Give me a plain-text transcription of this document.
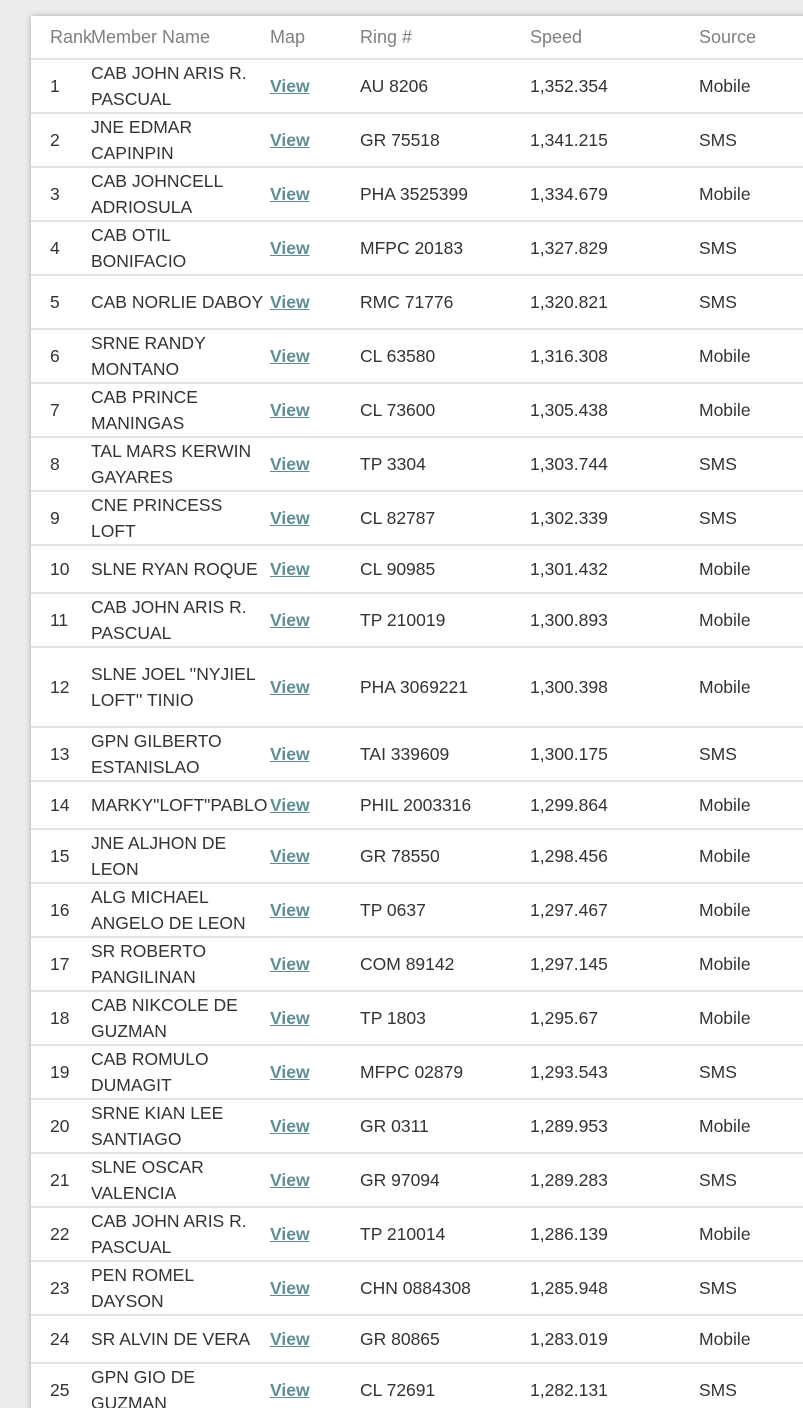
Rank	Member Name	Map	Ring #	Speed	Source
1	CAB JOHN ARIS R. PASCUAL	View	AU 8206	1,352.354	Mobile
2	JNE EDMAR CAPINPIN	View	GR 75518	1,341.215	SMS
3	CAB JOHNCELL ADRIOSULA	View	PHA 3525399	1,334.679	Mobile
4	CAB OTIL BONIFACIO	View	MFPC 20183	1,327.829	SMS
5	CAB NORLIE DABOY	View	RMC 71776	1,320.821	SMS
6	SRNE RANDY MONTANO	View	CL 63580	1,316.308	Mobile
7	CAB PRINCE MANINGAS	View	CL 73600	1,305.438	Mobile
8	TAL MARS KERWIN GAYARES	View	TP 3304	1,303.744	SMS
9	CNE PRINCESS LOFT	View	CL 82787	1,302.339	SMS
10	SLNE RYAN ROQUE	View	CL 90985	1,301.432	Mobile
11	CAB JOHN ARIS R. PASCUAL	View	TP 210019	1,300.893	Mobile
12	SLNE JOEL ''NYJIEL LOFT'' TINIO	View	PHA 3069221	1,300.398	Mobile
13	GPN GILBERTO ESTANISLAO	View	TAI 339609	1,300.175	SMS
14	MARKY"LOFT"PABLO	View	PHIL 2003316	1,299.864	Mobile
15	JNE ALJHON DE LEON	View	GR 78550	1,298.456	Mobile
16	ALG MICHAEL ANGELO DE LEON	View	TP 0637	1,297.467	Mobile
17	SR ROBERTO PANGILINAN	View	COM 89142	1,297.145	Mobile
18	CAB NIKCOLE DE GUZMAN	View	TP 1803	1,295.67	Mobile
19	CAB ROMULO DUMAGIT	View	MFPC 02879	1,293.543	SMS
20	SRNE KIAN LEE SANTIAGO	View	GR 0311	1,289.953	Mobile
21	SLNE OSCAR VALENCIA	View	GR 97094	1,289.283	SMS
22	CAB JOHN ARIS R. PASCUAL	View	TP 210014	1,286.139	Mobile
23	PEN ROMEL DAYSON	View	CHN 0884308	1,285.948	SMS
24	SR ALVIN DE VERA	View	GR 80865	1,283.019	Mobile
25	GPN GIO DE GUZMAN	View	CL 72691	1,282.131	SMS
